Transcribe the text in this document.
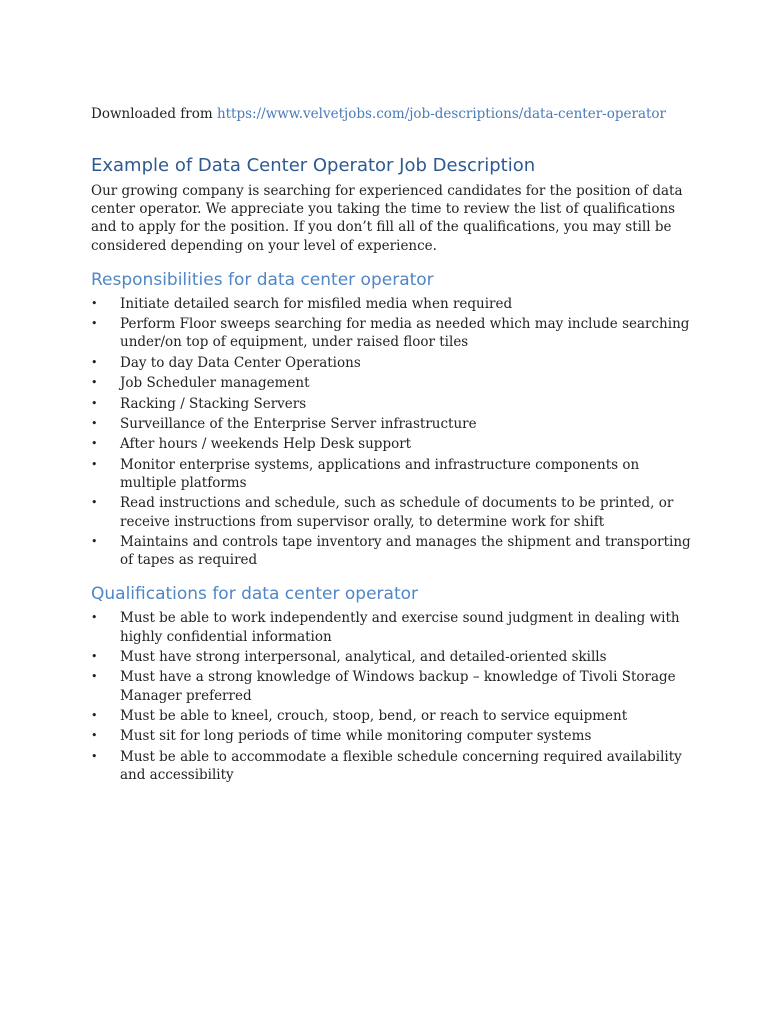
Downloaded from https://www.velvetjobs.com/job-descriptions/data-center-operator

Example of Data Center Operator Job Description

Our growing company is searching for experienced candidates for the position of data center operator. We appreciate you taking the time to review the list of qualifications and to apply for the position. If you don’t fill all of the qualifications, you may still be considered depending on your level of experience.

Responsibilities for data center operator
• Initiate detailed search for misfiled media when required
• Perform Floor sweeps searching for media as needed which may include searching under/on top of equipment, under raised floor tiles
• Day to day Data Center Operations
• Job Scheduler management
• Racking / Stacking Servers
• Surveillance of the Enterprise Server infrastructure
• After hours / weekends Help Desk support
• Monitor enterprise systems, applications and infrastructure components on multiple platforms
• Read instructions and schedule, such as schedule of documents to be printed, or receive instructions from supervisor orally, to determine work for shift
• Maintains and controls tape inventory and manages the shipment and transporting of tapes as required
Qualifications for data center operator
• Must be able to work independently and exercise sound judgment in dealing with highly confidential information
• Must have strong interpersonal, analytical, and detailed-oriented skills
• Must have a strong knowledge of Windows backup – knowledge of Tivoli Storage Manager preferred
• Must be able to kneel, crouch, stoop, bend, or reach to service equipment
• Must sit for long periods of time while monitoring computer systems
• Must be able to accommodate a flexible schedule concerning required availability and accessibility
